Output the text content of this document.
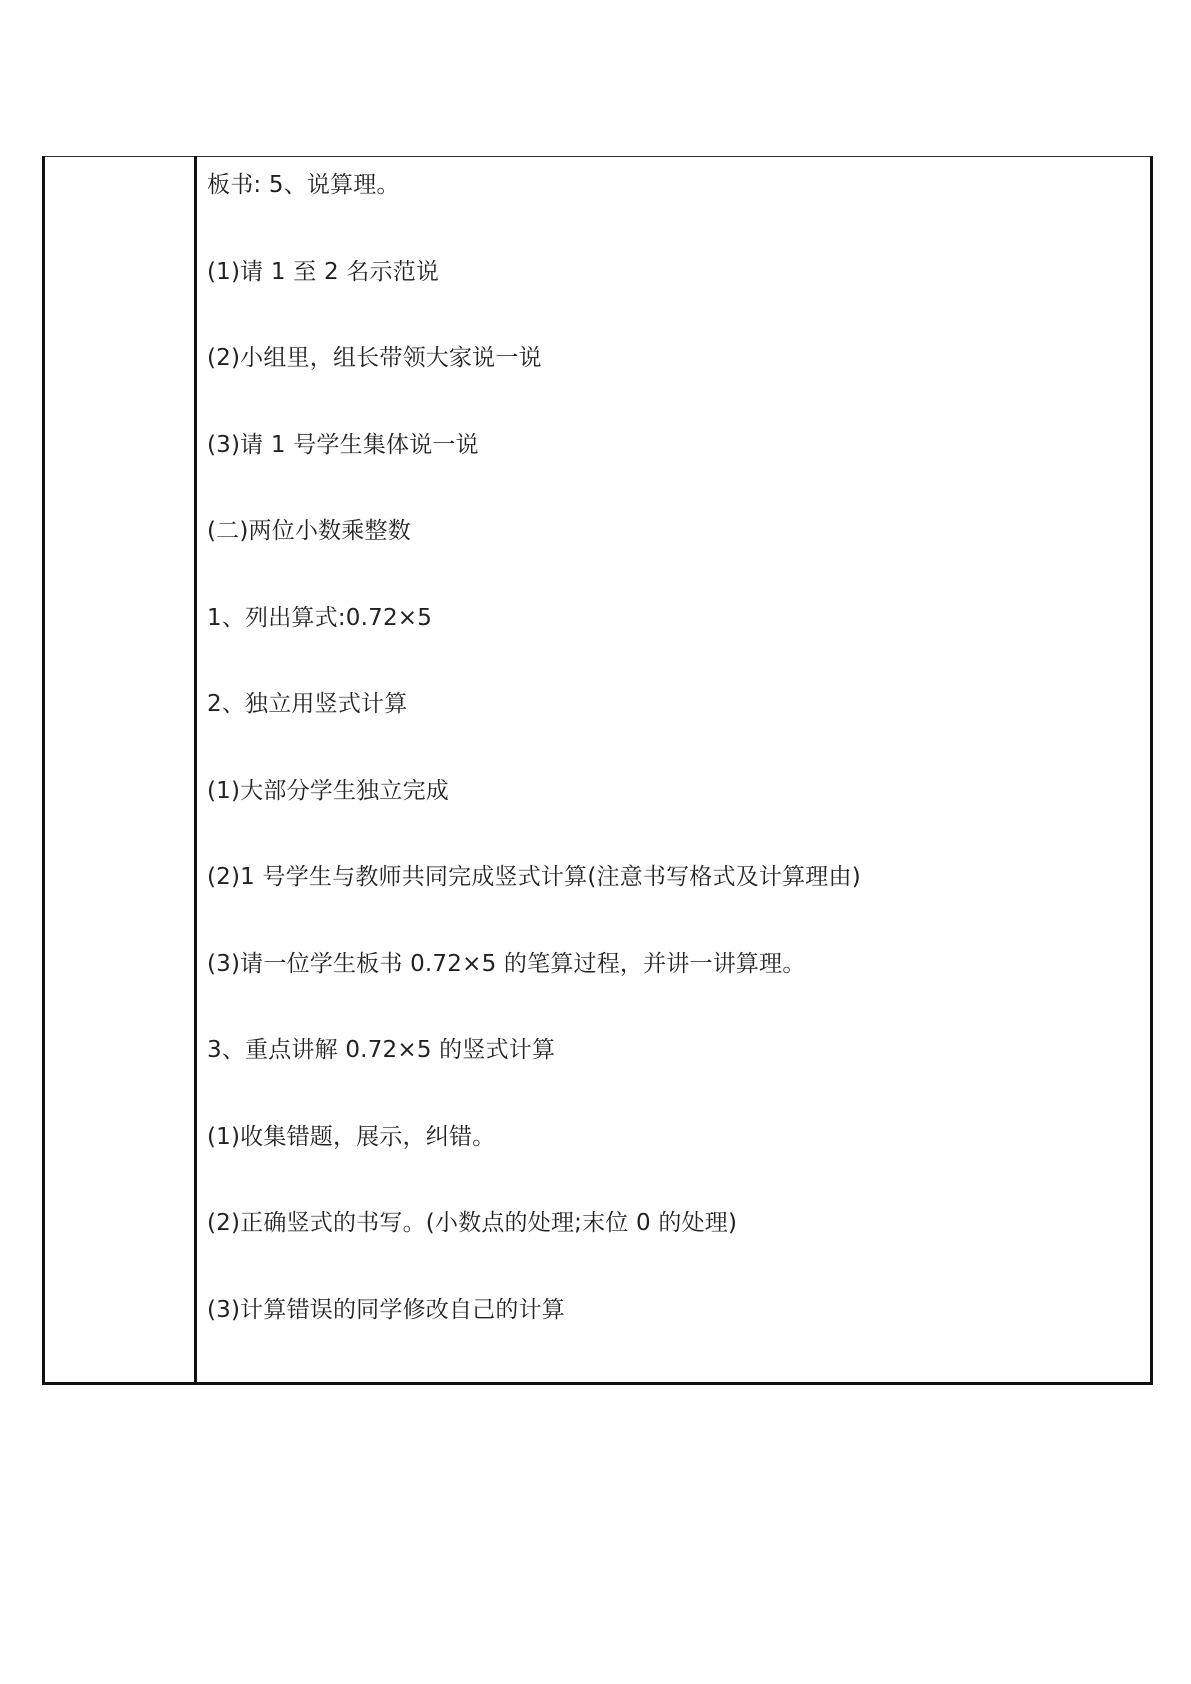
板书: 5、说算理。
(1)请 1 至 2 名示范说
(2)小组里，组长带领大家说一说
(3)请 1 号学生集体说一说
(二)两位小数乘整数
1、列出算式:0.72×5
2、独立用竖式计算
(1)大部分学生独立完成
(2)1 号学生与教师共同完成竖式计算(注意书写格式及计算理由)
(3)请一位学生板书 0.72×5 的笔算过程，并讲一讲算理。
3、重点讲解 0.72×5 的竖式计算
(1)收集错题，展示，纠错。
(2)正确竖式的书写。(小数点的处理;末位 0 的处理)
(3)计算错误的同学修改自己的计算
